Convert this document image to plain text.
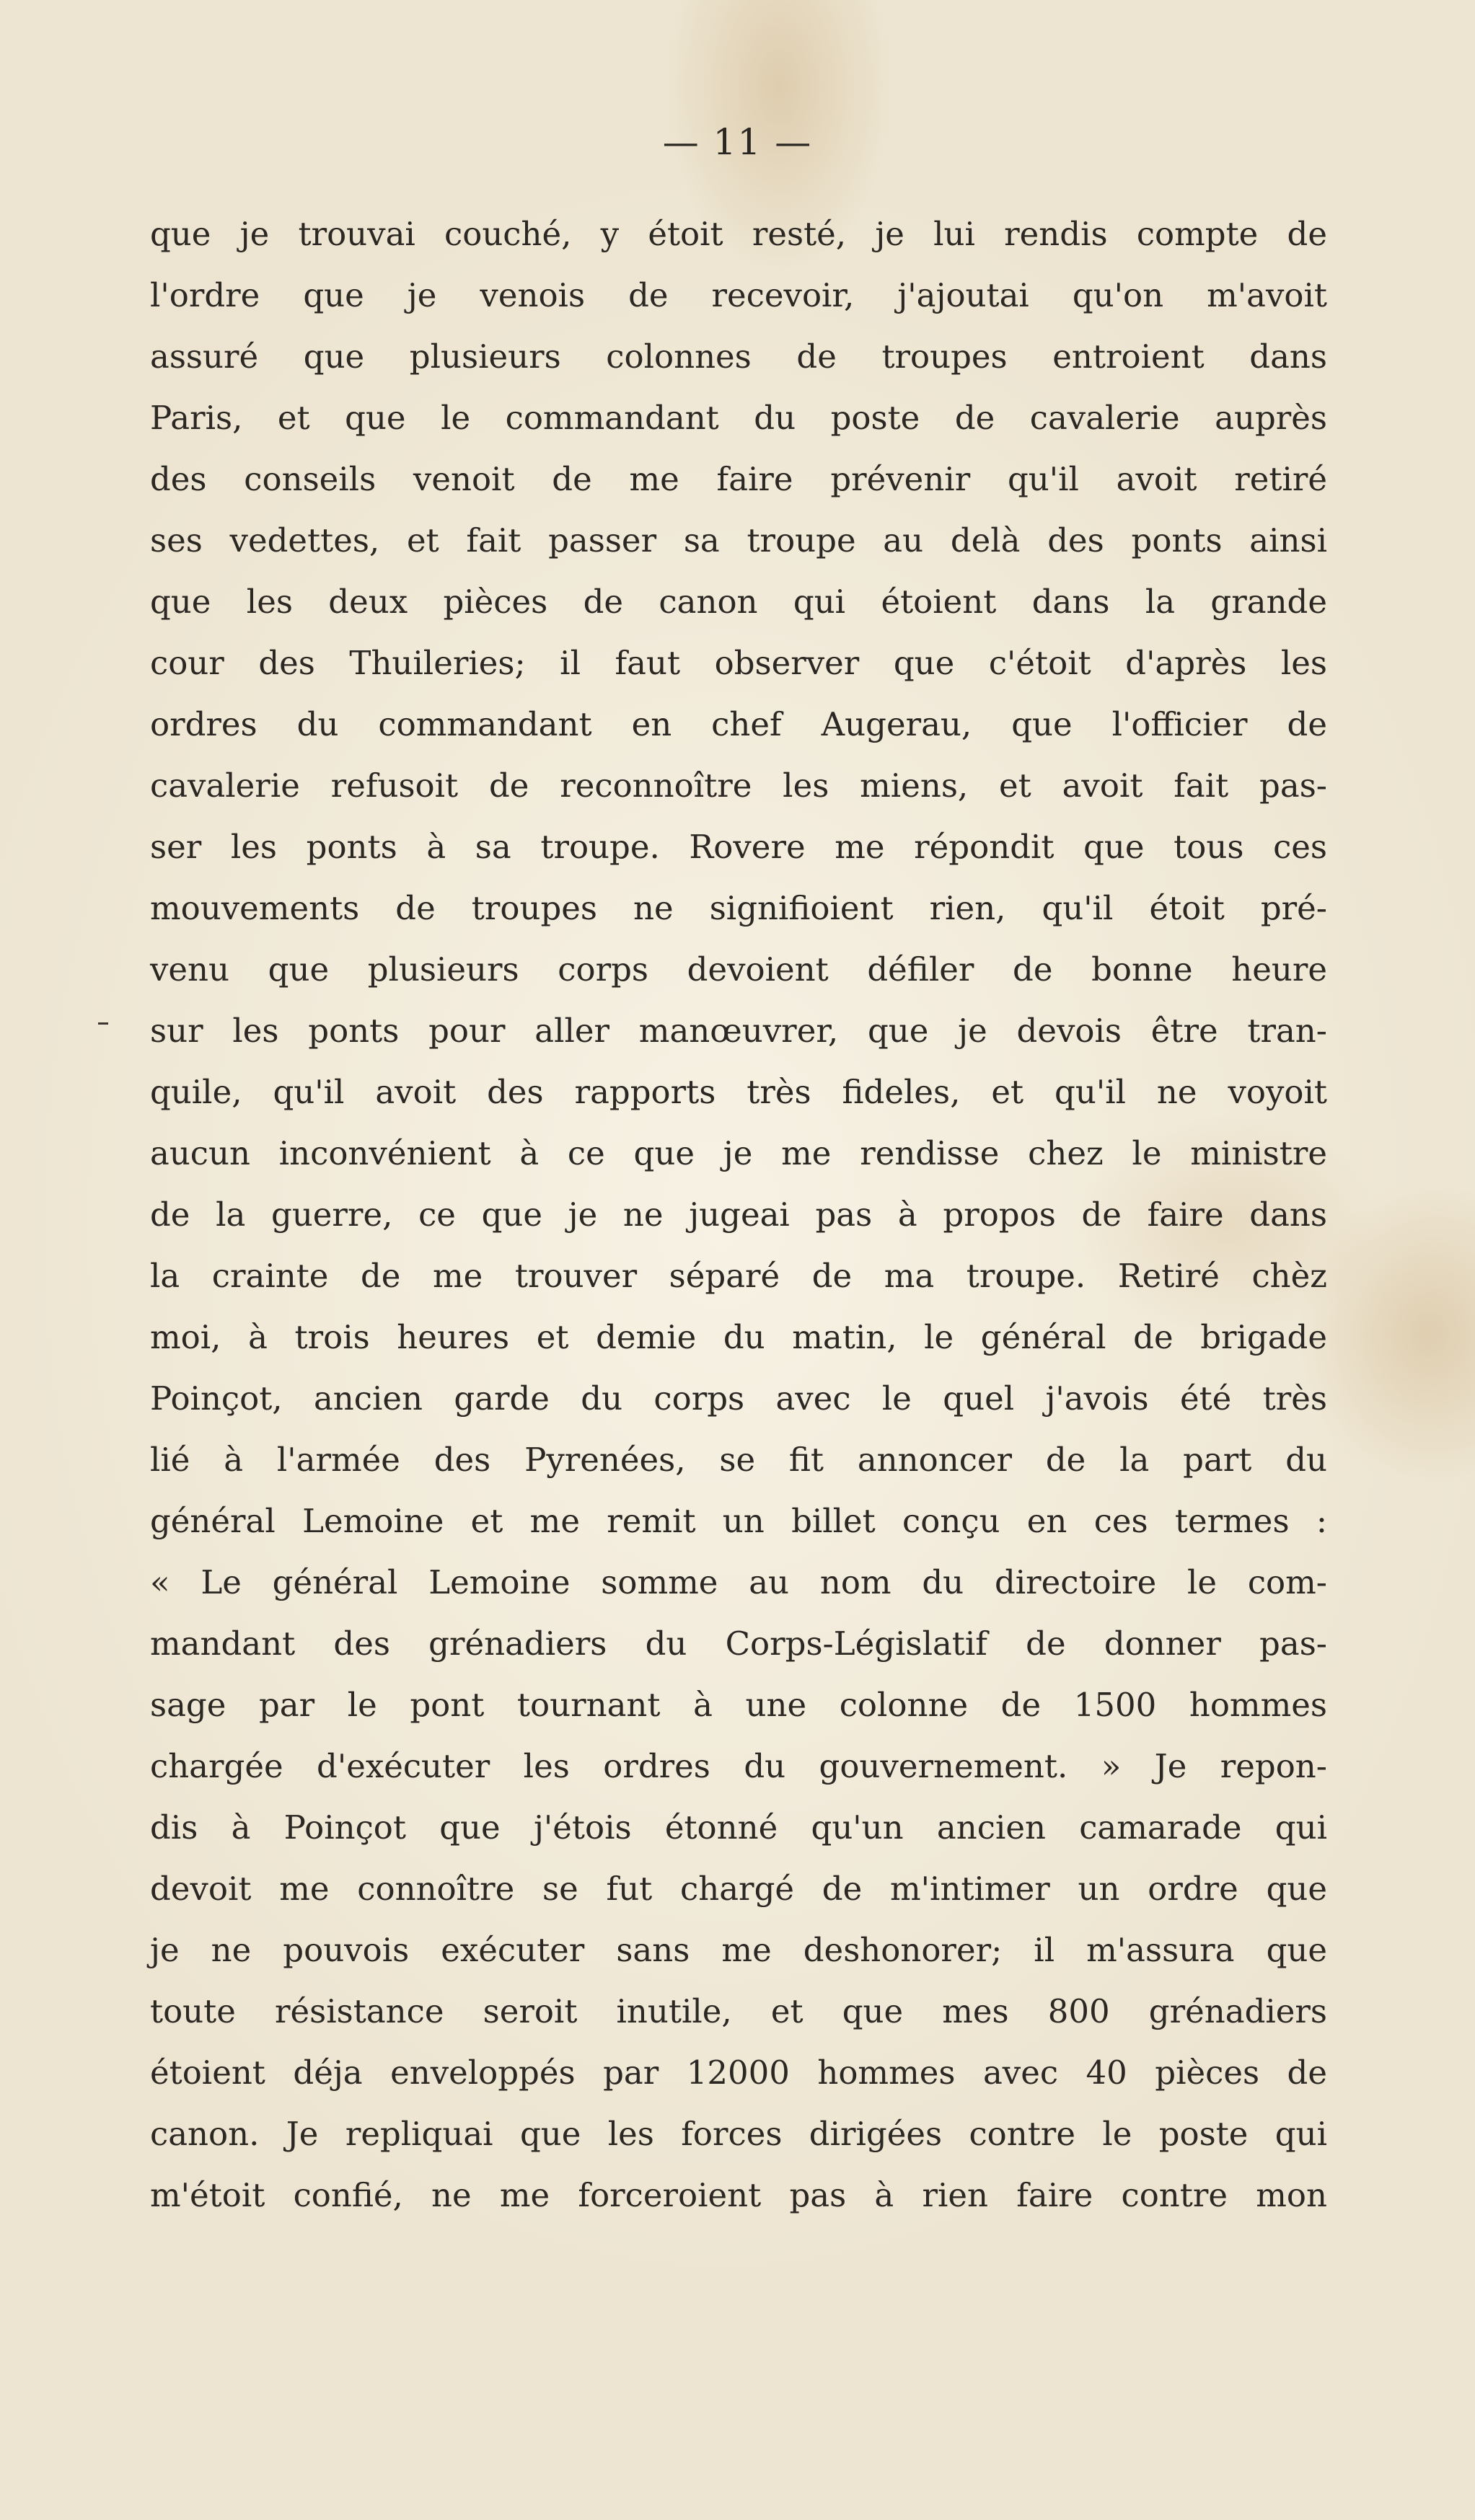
— 11 —
que je trouvai couché, y étoit resté, je lui rendis compte de
l'ordre que je venois de recevoir, j'ajoutai qu'on m'avoit
assuré que plusieurs colonnes de troupes entroient dans
Paris, et que le commandant du poste de cavalerie auprès
des conseils venoit de me faire prévenir qu'il avoit retiré
ses vedettes, et fait passer sa troupe au delà des ponts ainsi
que les deux pièces de canon qui étoient dans la grande
cour des Thuileries; il faut observer que c'étoit d'après les
ordres du commandant en chef Augerau, que l'officier de
cavalerie refusoit de reconnoître les miens, et avoit fait pas-
ser les ponts à sa troupe. Rovere me répondit que tous ces
mouvements de troupes ne signifioient rien, qu'il étoit pré-
venu que plusieurs corps devoient défiler de bonne heure
sur les ponts pour aller manœuvrer, que je devois être tran-
quile, qu'il avoit des rapports très fideles, et qu'il ne voyoit
aucun inconvénient à ce que je me rendisse chez le ministre
de la guerre, ce que je ne jugeai pas à propos de faire dans
la crainte de me trouver séparé de ma troupe. Retiré chèz
moi, à trois heures et demie du matin, le général de brigade
Poinçot, ancien garde du corps avec le quel j'avois été très
lié à l'armée des Pyrenées, se fit annoncer de la part du
général Lemoine et me remit un billet conçu en ces termes :
« Le général Lemoine somme au nom du directoire le com-
mandant des grénadiers du Corps-Législatif de donner pas-
sage par le pont tournant à une colonne de 1500 hommes
chargée d'exécuter les ordres du gouvernement. » Je repon-
dis à Poinçot que j'étois étonné qu'un ancien camarade qui
devoit me connoître se fut chargé de m'intimer un ordre que
je ne pouvois exécuter sans me deshonorer; il m'assura que
toute résistance seroit inutile, et que mes 800 grénadiers
étoient déja enveloppés par 12000 hommes avec 40 pièces de
canon. Je repliquai que les forces dirigées contre le poste qui
m'étoit confié, ne me forceroient pas à rien faire contre mon
